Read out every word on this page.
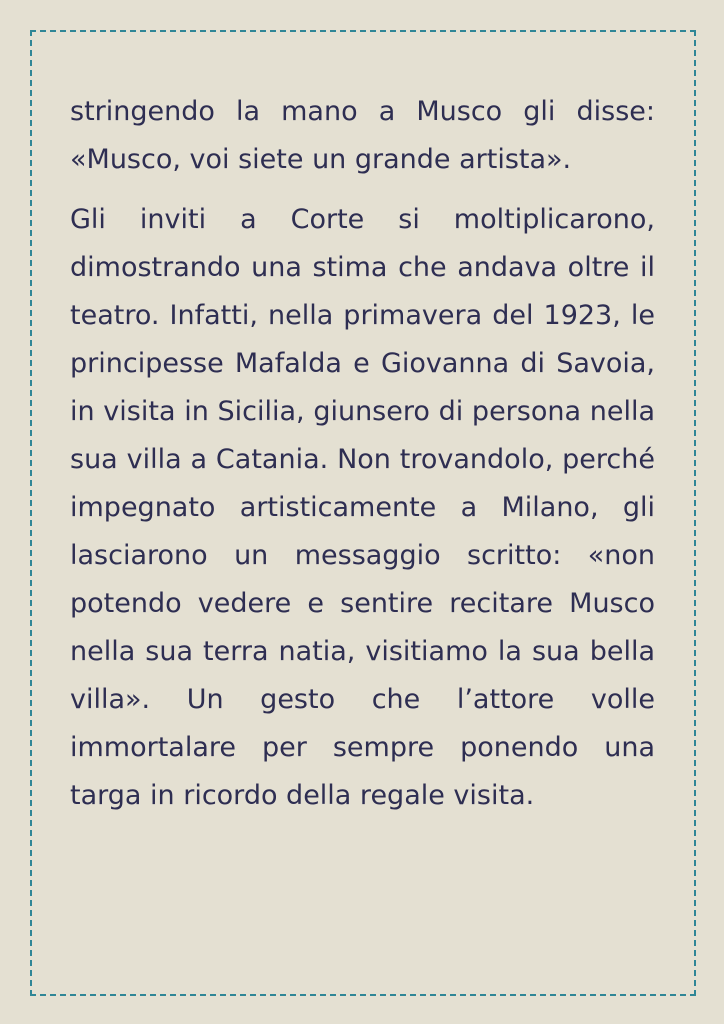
stringendo la mano a Musco gli disse: «Musco, voi siete un grande artista».

Gli inviti a Corte si moltiplicarono, dimostrando una stima che andava oltre il teatro. Infatti, nella primavera del 1923, le principesse Mafalda e Giovanna di Savoia, in visita in Sicilia, giunsero di persona nella sua villa a Catania. Non trovandolo, perché impegnato artisticamente a Milano, gli lasciarono un messaggio scritto: «non potendo vedere e sentire recitare Musco nella sua terra natia, visitiamo la sua bella villa». Un gesto che l’attore volle immortalare per sempre ponendo una targa in ricordo della regale visita.
